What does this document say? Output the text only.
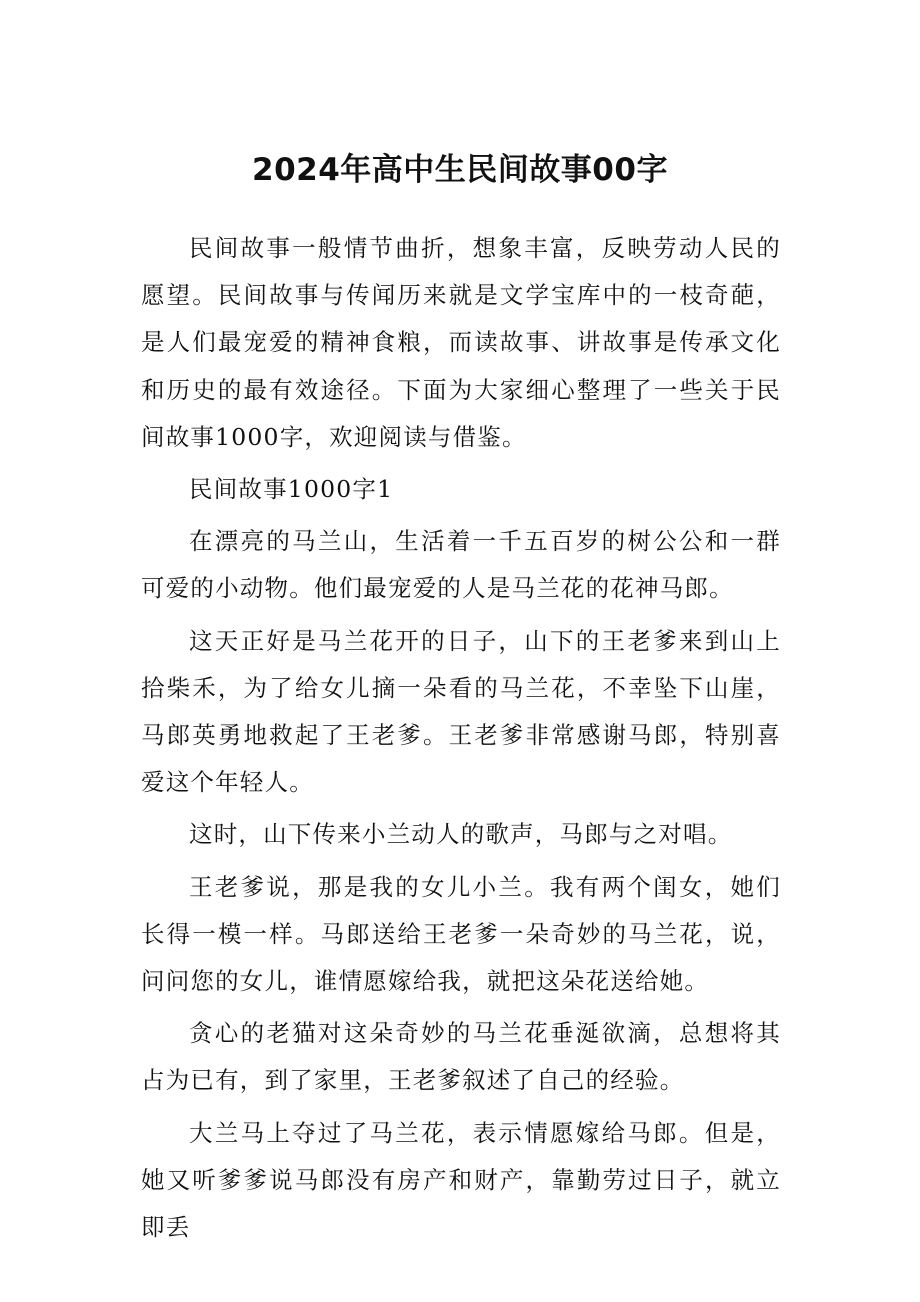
2024年高中生民间故事00字

民间故事一般情节曲折，想象丰富，反映劳动人民的愿望。民间故事与传闻历来就是文学宝库中的一枝奇葩，是人们最宠爱的精神食粮，而读故事、讲故事是传承文化和历史的最有效途径。下面为大家细心整理了一些关于民间故事1000字，欢迎阅读与借鉴。

民间故事1000字1

在漂亮的马兰山，生活着一千五百岁的树公公和一群可爱的小动物。他们最宠爱的人是马兰花的花神马郎。

这天正好是马兰花开的日子，山下的王老爹来到山上拾柴禾，为了给女儿摘一朵看的马兰花，不幸坠下山崖，马郎英勇地救起了王老爹。王老爹非常感谢马郎，特别喜爱这个年轻人。

这时，山下传来小兰动人的歌声，马郎与之对唱。

王老爹说，那是我的女儿小兰。我有两个闺女，她们长得一模一样。马郎送给王老爹一朵奇妙的马兰花，说，问问您的女儿，谁情愿嫁给我，就把这朵花送给她。

贪心的老猫对这朵奇妙的马兰花垂涎欲滴，总想将其占为已有，到了家里，王老爹叙述了自己的经验。

大兰马上夺过了马兰花，表示情愿嫁给马郎。但是，她又听爹爹说马郎没有房产和财产，靠勤劳过日子，就立即丢
